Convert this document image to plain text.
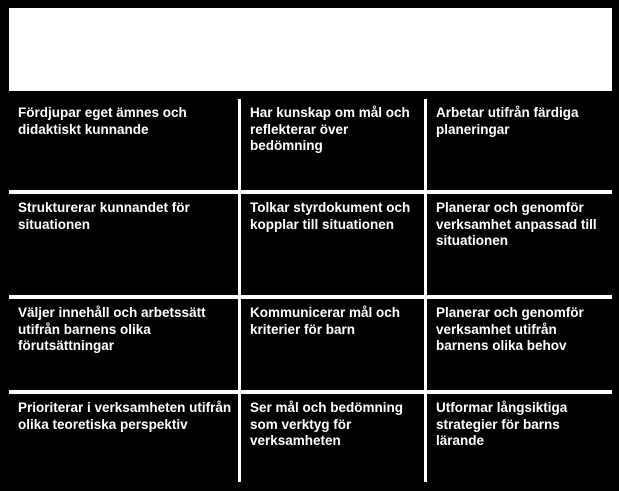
Fördjupar eget ämnes och didaktiskt kunnande
Har kunskap om mål och reflekterar över bedömning
Arbetar utifrån färdiga planeringar
Strukturerar kunnandet för situationen
Tolkar styrdokument och kopplar till situationen
Planerar och genomför verksamhet anpassad till situationen
Väljer innehåll och arbetssätt utifrån barnens olika förutsättningar
Kommunicerar mål och kriterier för barn
Planerar och genomför verksamhet utifrån barnens olika behov
Prioriterar i verksamheten utifrån olika teoretiska perspektiv
Ser mål och bedömning som verktyg för verksamheten
Utformar långsiktiga strategier för barns lärande
